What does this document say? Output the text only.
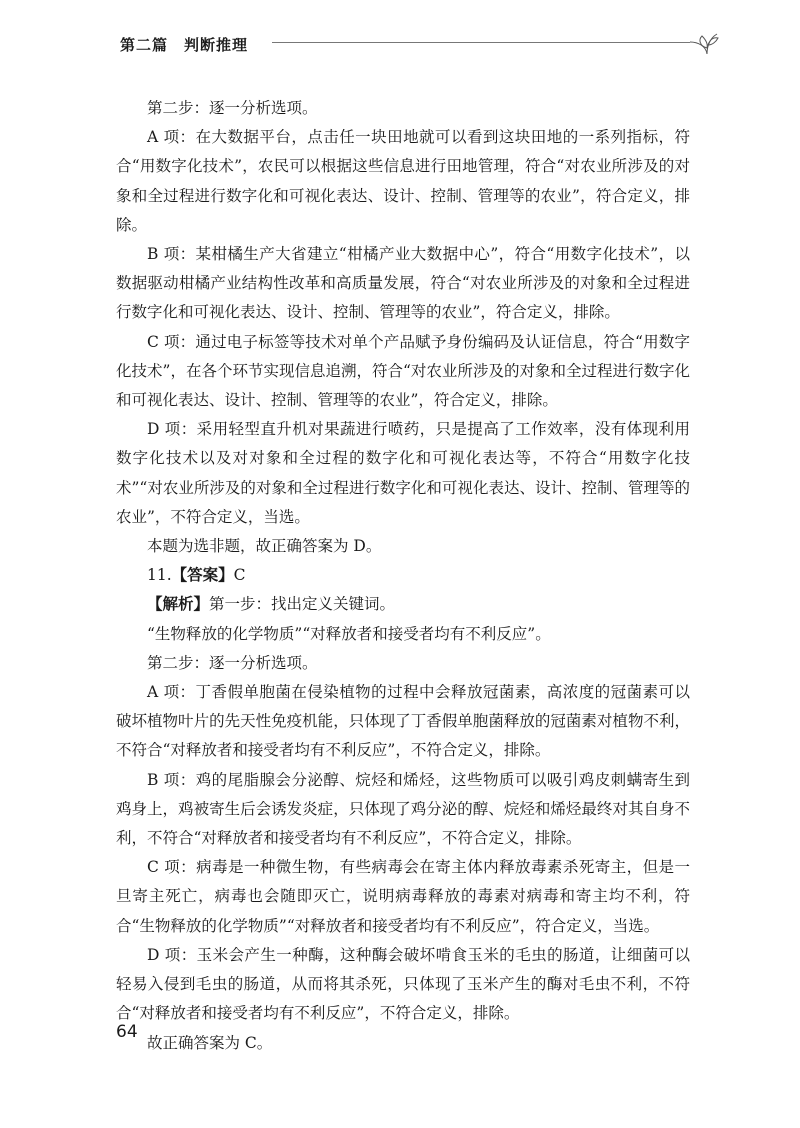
第二篇　判断推理

第二步：逐一分析选项。

A 项：在大数据平台，点击任一块田地就可以看到这块田地的一系列指标，符合“用数字化技术”，农民可以根据这些信息进行田地管理，符合“对农业所涉及的对象和全过程进行数字化和可视化表达、设计、控制、管理等的农业”，符合定义，排除。

B 项：某柑橘生产大省建立“柑橘产业大数据中心”，符合“用数字化技术”，以数据驱动柑橘产业结构性改革和高质量发展，符合“对农业所涉及的对象和全过程进行数字化和可视化表达、设计、控制、管理等的农业”，符合定义，排除。

C 项：通过电子标签等技术对单个产品赋予身份编码及认证信息，符合“用数字化技术”，在各个环节实现信息追溯，符合“对农业所涉及的对象和全过程进行数字化和可视化表达、设计、控制、管理等的农业”，符合定义，排除。

D 项：采用轻型直升机对果蔬进行喷药，只是提高了工作效率，没有体现利用数字化技术以及对对象和全过程的数字化和可视化表达等，不符合“用数字化技术”“对农业所涉及的对象和全过程进行数字化和可视化表达、设计、控制、管理等的农业”，不符合定义，当选。

本题为选非题，故正确答案为 D。

11.【答案】C

【解析】第一步：找出定义关键词。

“生物释放的化学物质”“对释放者和接受者均有不利反应”。

第二步：逐一分析选项。

A 项：丁香假单胞菌在侵染植物的过程中会释放冠菌素，高浓度的冠菌素可以破坏植物叶片的先天性免疫机能，只体现了丁香假单胞菌释放的冠菌素对植物不利，不符合“对释放者和接受者均有不利反应”，不符合定义，排除。

B 项：鸡的尾脂腺会分泌醇、烷烃和烯烃，这些物质可以吸引鸡皮刺螨寄生到鸡身上，鸡被寄生后会诱发炎症，只体现了鸡分泌的醇、烷烃和烯烃最终对其自身不利，不符合“对释放者和接受者均有不利反应”，不符合定义，排除。

C 项：病毒是一种微生物，有些病毒会在寄主体内释放毒素杀死寄主，但是一旦寄主死亡，病毒也会随即灭亡，说明病毒释放的毒素对病毒和寄主均不利，符合“生物释放的化学物质”“对释放者和接受者均有不利反应”，符合定义，当选。

D 项：玉米会产生一种酶，这种酶会破坏啃食玉米的毛虫的肠道，让细菌可以轻易入侵到毛虫的肠道，从而将其杀死，只体现了玉米产生的酶对毛虫不利，不符合“对释放者和接受者均有不利反应”，不符合定义，排除。

故正确答案为 C。

64
